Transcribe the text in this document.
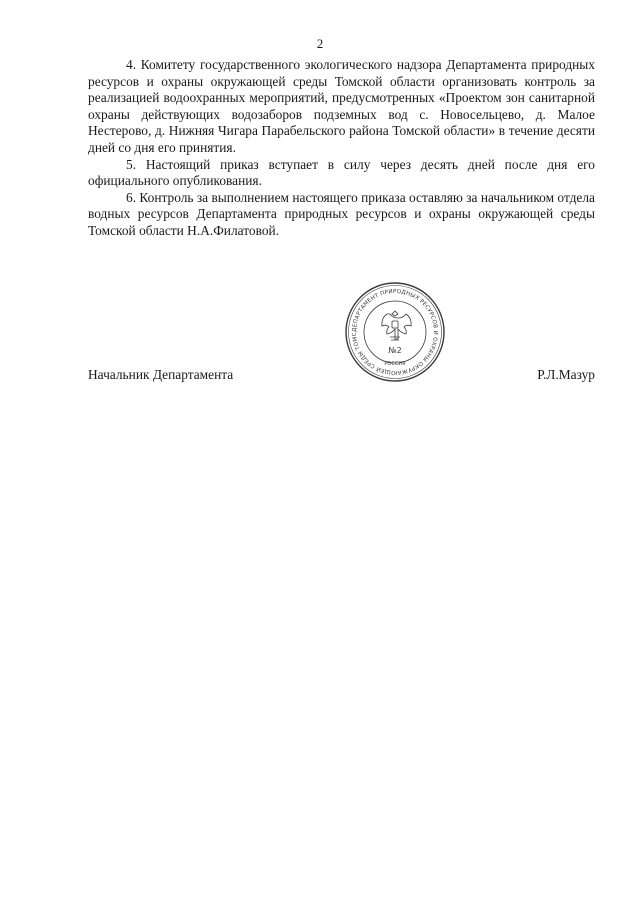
2

4. Комитету государственного экологического надзора Департамента природных ресурсов и охраны окружающей среды Томской области организовать контроль за реализацией водоохранных мероприятий, предусмотренных «Проектом зон санитарной охраны действующих водозаборов подземных вод с. Новосельцево, д. Малое Нестерово, д. Нижняя Чигара Парабельского района Томской области» в течение десяти дней со дня его принятия.

5. Настоящий приказ вступает в силу через десять дней после дня его официального опубликования.

6. Контроль за выполнением настоящего приказа оставляю за начальником отдела водных ресурсов Департамента природных ресурсов и охраны окружающей среды Томской области Н.А.Филатовой.

ДЕПАРТАМЕНТ ПРИРОДНЫХ РЕСУРСОВ И ОХРАНЫ ОКРУЖАЮЩЕЙ СРЕДЫ ТОМС
№2
РОССИЯ
Начальник Департамента	Р.Л.Мазур
